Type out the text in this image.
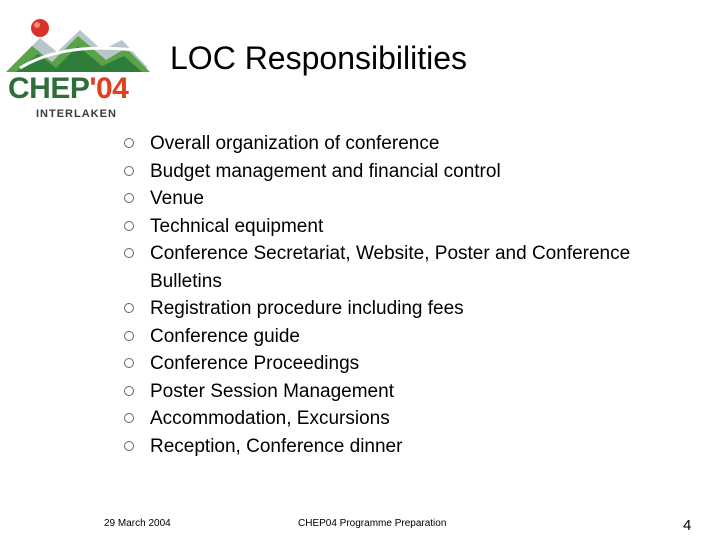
CHEP'04
INTERLAKEN
LOC Responsibilities
Overall organization of conference
Budget management and financial control
Venue
Technical equipment
Conference Secretariat, Website, Poster and Conference Bulletins
Registration procedure including fees
Conference guide
Conference Proceedings
Poster Session Management
Accommodation, Excursions
Reception, Conference dinner
29 March 2004	CHEP04 Programme Preparation	4
